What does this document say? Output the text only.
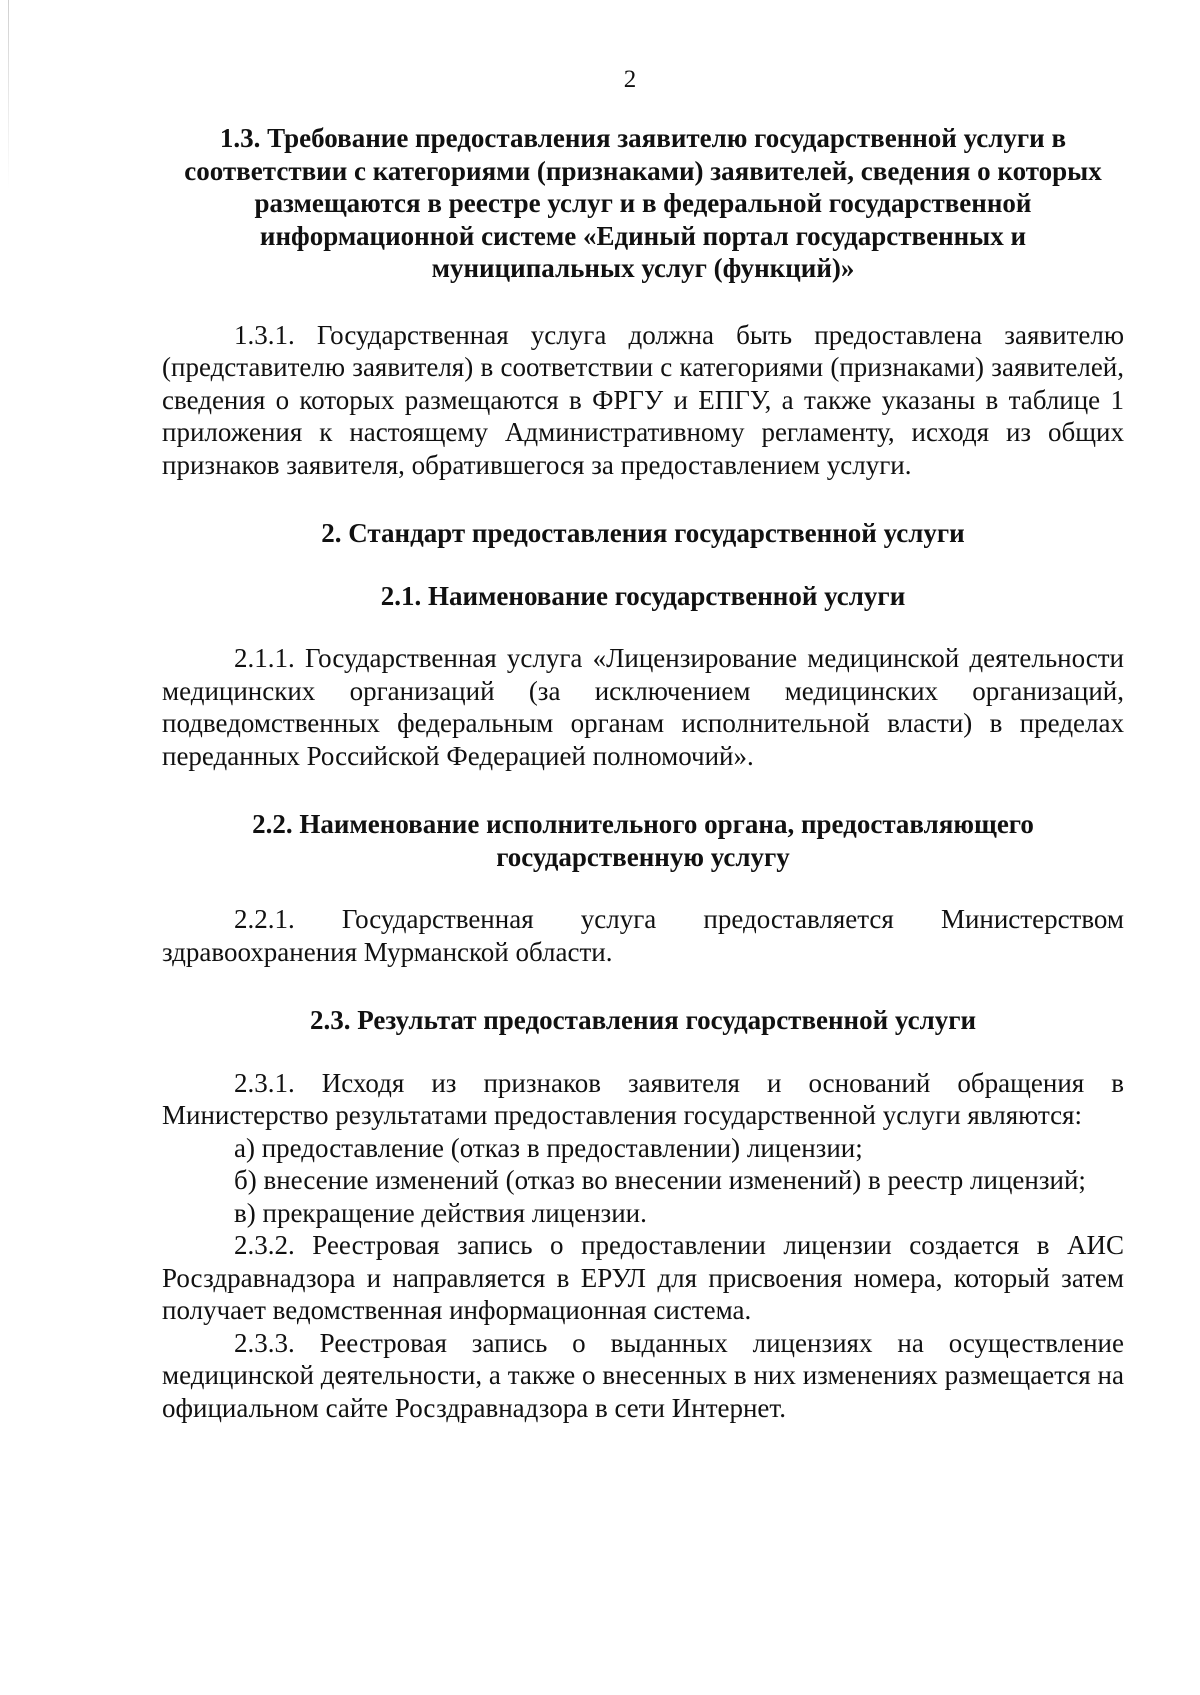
2
1.3. Требование предоставления заявителю государственной услуги в соответствии с категориями (признаками) заявителей, сведения о которых размещаются в реестре услуг и в федеральной государственной информационной системе «Единый портал государственных и муниципальных услуг (функций)»

1.3.1. Государственная услуга должна быть предоставлена заявителю (представителю заявителя) в соответствии с категориями (признаками) заявителей, сведения о которых размещаются в ФРГУ и ЕПГУ, а также указаны в таблице 1 приложения к настоящему Административному регламенту, исходя из общих признаков заявителя, обратившегося за предоставлением услуги.

2. Стандарт предоставления государственной услуги
2.1. Наименование государственной услуги

2.1.1. Государственная услуга «Лицензирование медицинской деятельности медицинских организаций (за исключением медицинских организаций, подведомственных федеральным органам исполнительной власти) в пределах переданных Российской Федерацией полномочий».

2.2. Наименование исполнительного органа, предоставляющего государственную услугу

2.2.1. Государственная услуга предоставляется Министерством здравоохранения Мурманской области.

2.3. Результат предоставления государственной услуги

2.3.1. Исходя из признаков заявителя и оснований обращения в Министерство результатами предоставления государственной услуги являются:

а) предоставление (отказ в предоставлении) лицензии;

б) внесение изменений (отказ во внесении изменений) в реестр лицензий;

в) прекращение действия лицензии.

2.3.2. Реестровая запись о предоставлении лицензии создается в АИС Росздравнадзора и направляется в ЕРУЛ для присвоения номера, который затем получает ведомственная информационная система.

2.3.3. Реестровая запись о выданных лицензиях на осуществление медицинской деятельности, а также о внесенных в них изменениях размещается на официальном сайте Росздравнадзора в сети Интернет.
